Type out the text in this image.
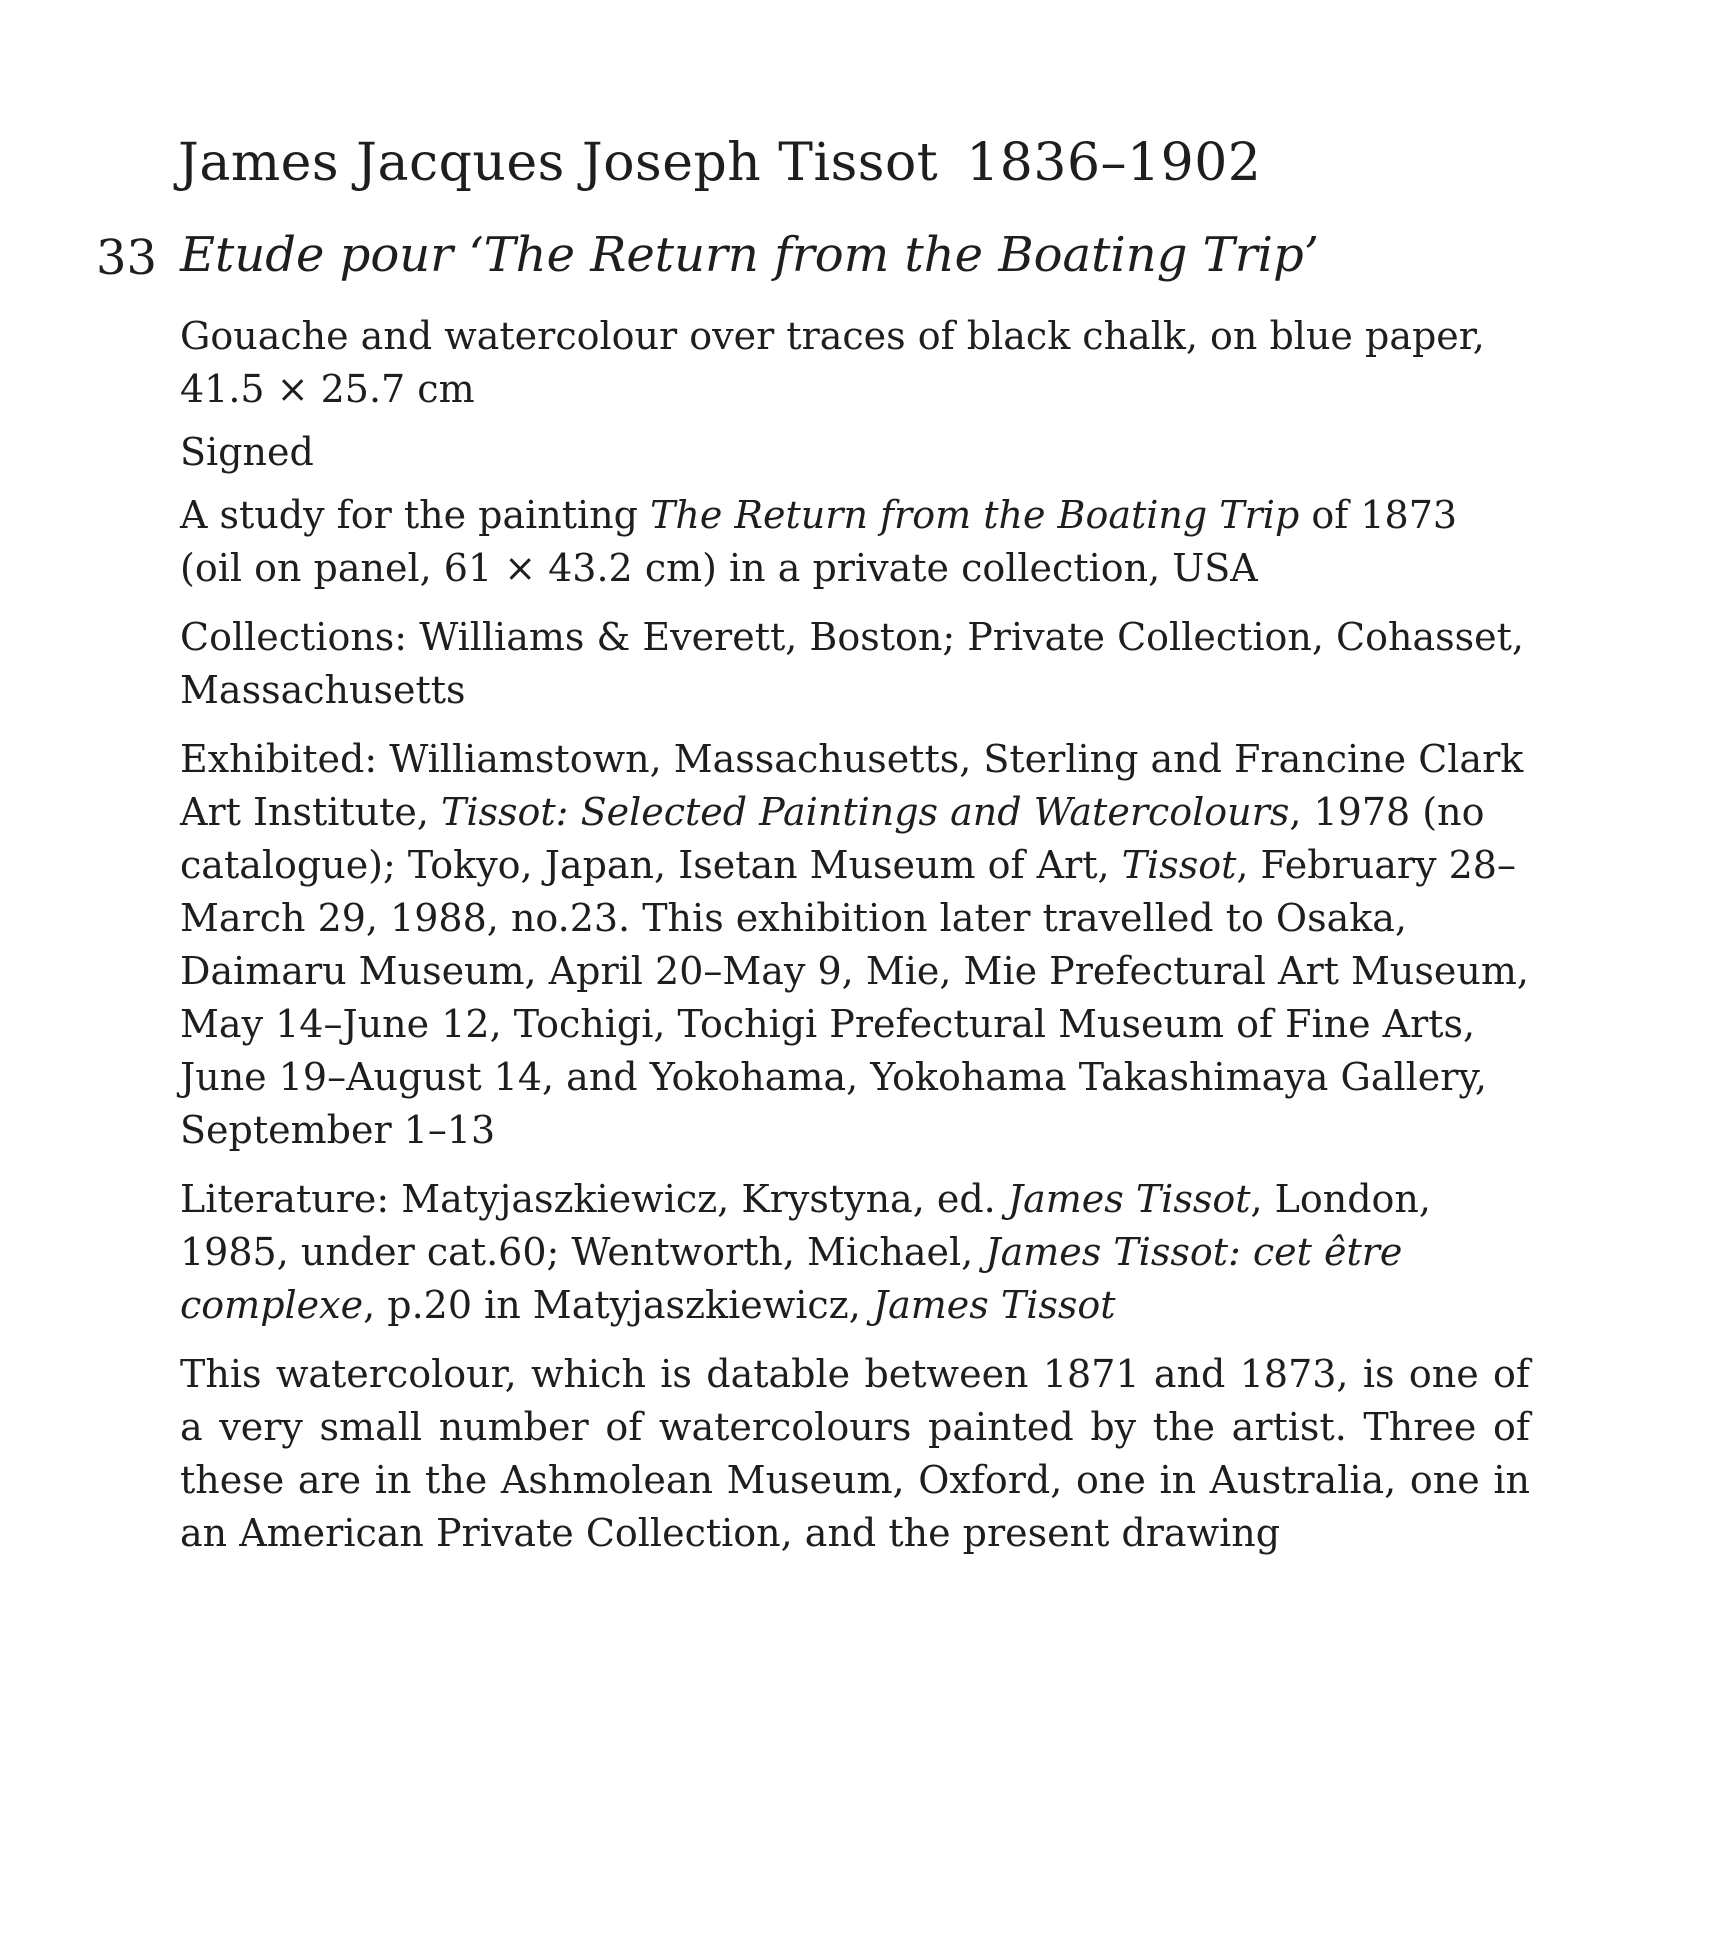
James Jacques Joseph Tissot 1836–1902
33 Etude pour ‘The Return from the Boating Trip’

Gouache and watercolour over traces of black chalk, on blue paper,
41.5 × 25.7 cm

Signed

A study for the painting The Return from the Boating Trip of 1873 (oil on panel, 61 × 43.2 cm) in a private collection, USA

Collections: Williams & Everett, Boston; Private Collection, Cohasset, Massachusetts

Exhibited: Williamstown, Massachusetts, Sterling and Francine Clark Art Institute, Tissot: Selected Paintings and Watercolours, 1978 (no catalogue); Tokyo, Japan, Isetan Museum of Art, Tissot, February 28–March 29, 1988, no.23. This exhibition later travelled to Osaka, Daimaru Museum, April 20–May 9, Mie, Mie Prefectural Art Museum, May 14–June 12, Tochigi, Tochigi Prefectural Museum of Fine Arts, June 19–August 14, and Yokohama, Yokohama Takashimaya Gallery, September 1–13

Literature: Matyjaszkiewicz, Krystyna, ed. James Tissot, London, 1985, under cat.60; Wentworth, Michael, James Tissot: cet être complexe, p.20 in Matyjaszkiewicz, James Tissot

This watercolour, which is datable between 1871 and 1873, is one of a very small number of watercolours painted by the artist. Three of these are in the Ashmolean Museum, Oxford, one in Australia, one in an American Private Collection, and the present drawing
